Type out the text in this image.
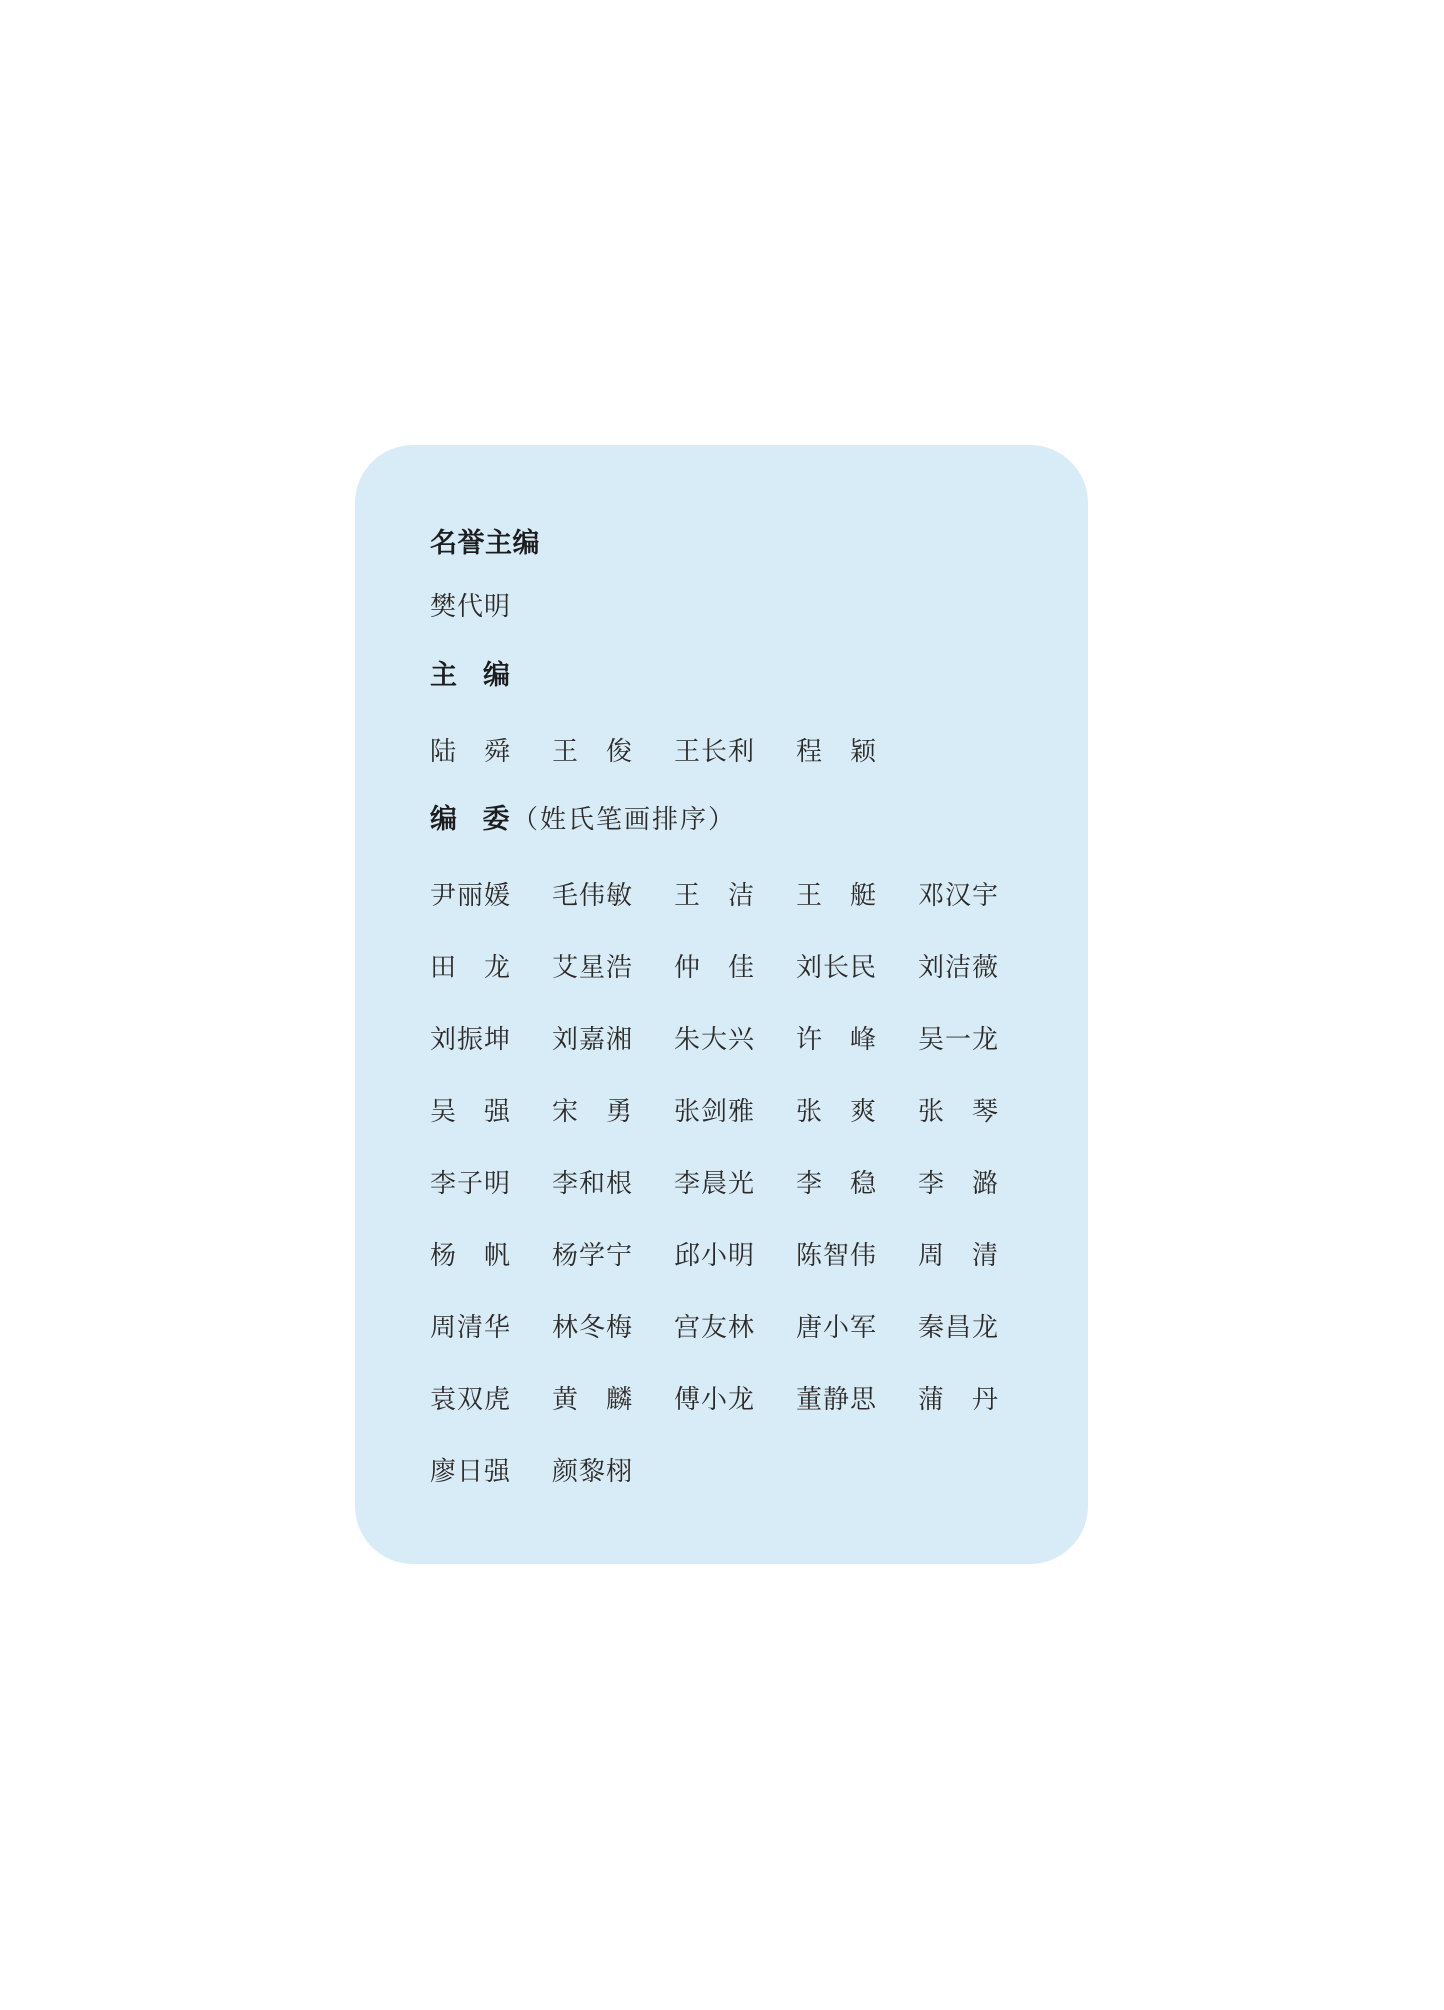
名誉主编
樊代明
主编
陆舜 王俊 王长利 程颖
编委 （姓氏笔画排序）
尹丽媛 毛伟敏 王洁 王艇 邓汉宇
田龙 艾星浩 仲佳 刘长民 刘洁薇
刘振坤 刘嘉湘 朱大兴 许峰 吴一龙
吴强 宋勇 张剑雅 张爽 张琴
李子明 李和根 李晨光 李稳 李潞
杨帆 杨学宁 邱小明 陈智伟 周清
周清华 林冬梅 宫友林 唐小军 秦昌龙
袁双虎 黄麟 傅小龙 董静思 蒲丹
廖日强 颜黎栩
